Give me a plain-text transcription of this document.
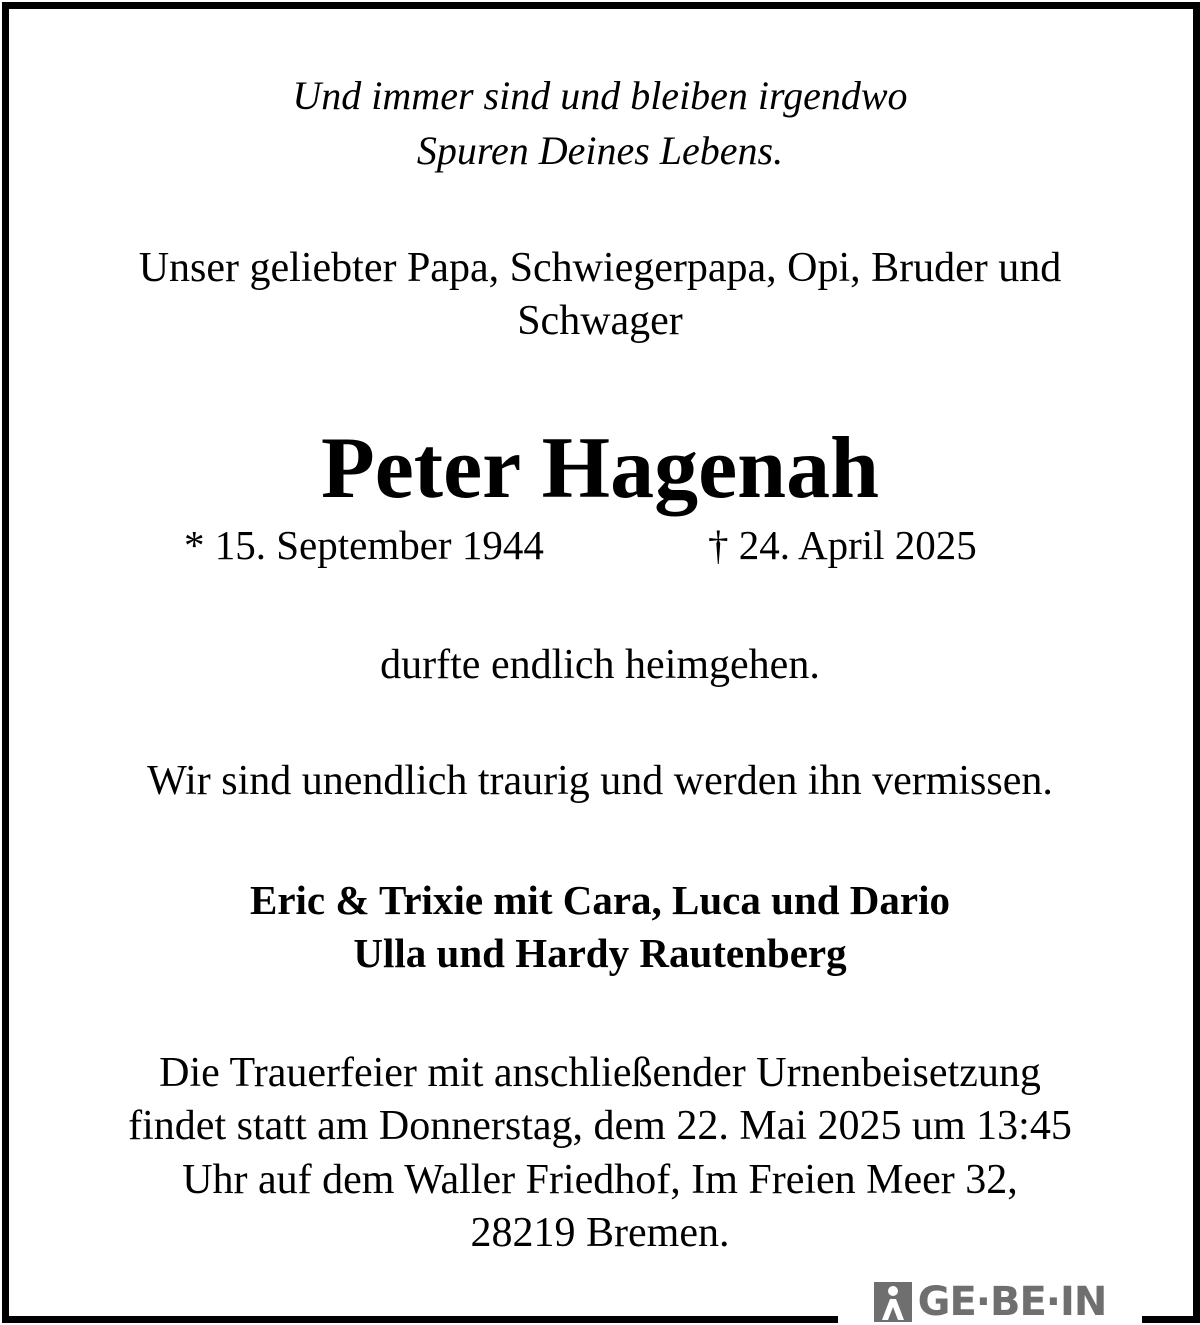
Und immer sind und bleiben irgendwo
Spuren Deines Lebens.
Unser geliebter Papa, Schwiegerpapa, Opi, Bruder und
Schwager
Peter Hagenah
* 15. September 1944	† 24. April 2025
durfte endlich heimgehen.
Wir sind unendlich traurig und werden ihn vermissen.
Eric & Trixie mit Cara, Luca und Dario
Ulla und Hardy Rautenberg
Die Trauerfeier mit anschließender Urnenbeisetzung
findet statt am Donnerstag, dem 22. Mai 2025 um 13:45
Uhr auf dem Waller Friedhof, Im Freien Meer 32,
28219 Bremen.
GE·BE·IN
